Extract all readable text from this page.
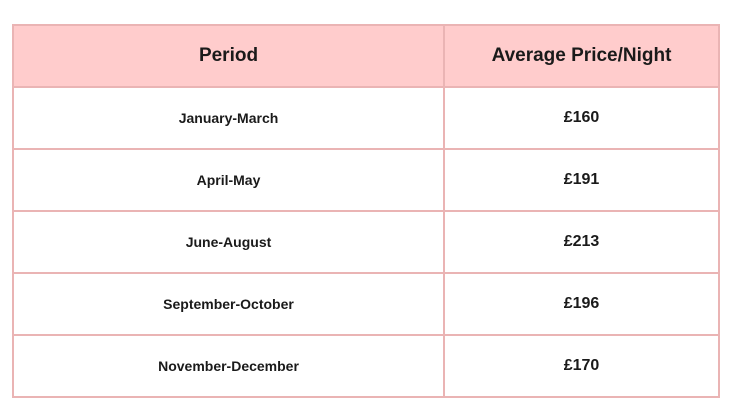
Period	Average Price/Night
January-March	£160
April-May	£191
June-August	£213
September-October	£196
November-December	£170
